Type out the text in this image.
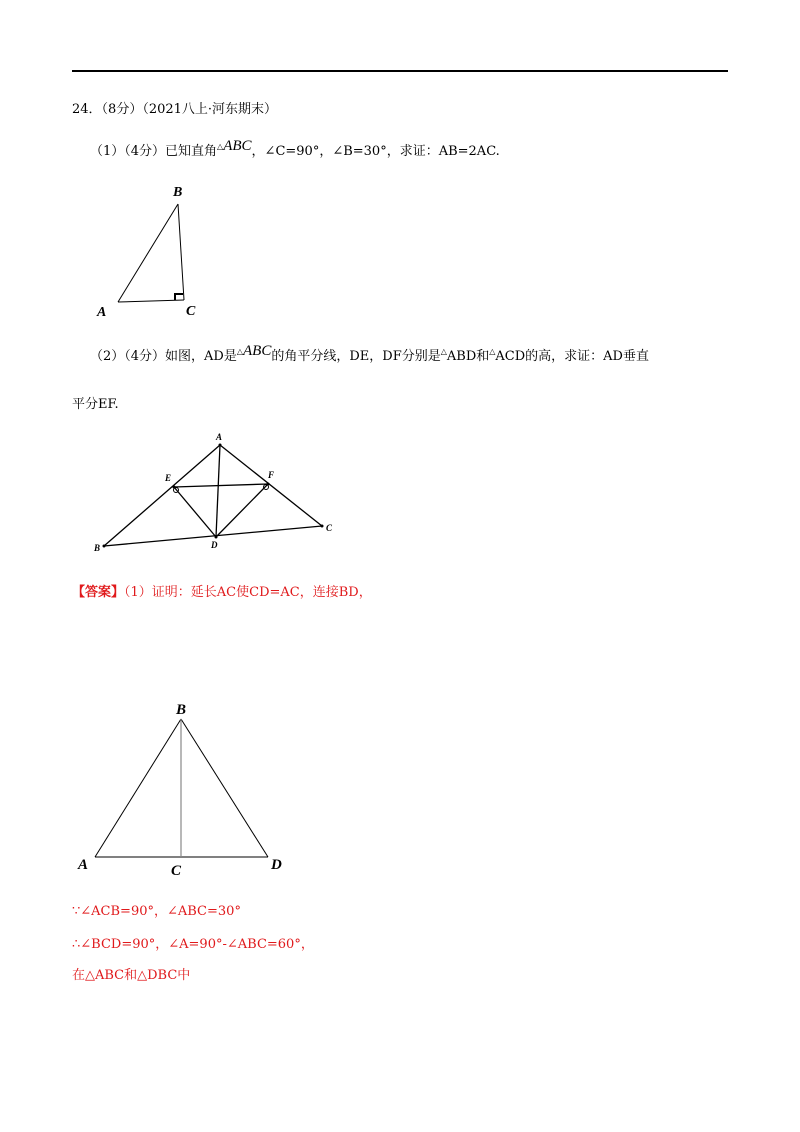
24．（8分）（2021八上·河东期末）
（1）（4分）已知直角△ABC，∠C=90°，∠B=30°，求证：AB=2AC.
B
A	C
（2）（4分）如图，AD是△ABC的角平分线，DE，DF分别是△ABD和△ACD的高，求证：AD垂直
平分EF.
A
B
C
D
E	F
【答案】（1）证明：延长AC使CD=AC，连接BD，
B
A	C	D
∵∠ACB=90°，∠ABC=30°
∴∠BCD=90°，∠A=90°-∠ABC=60°，
在△ABC和△DBC中
